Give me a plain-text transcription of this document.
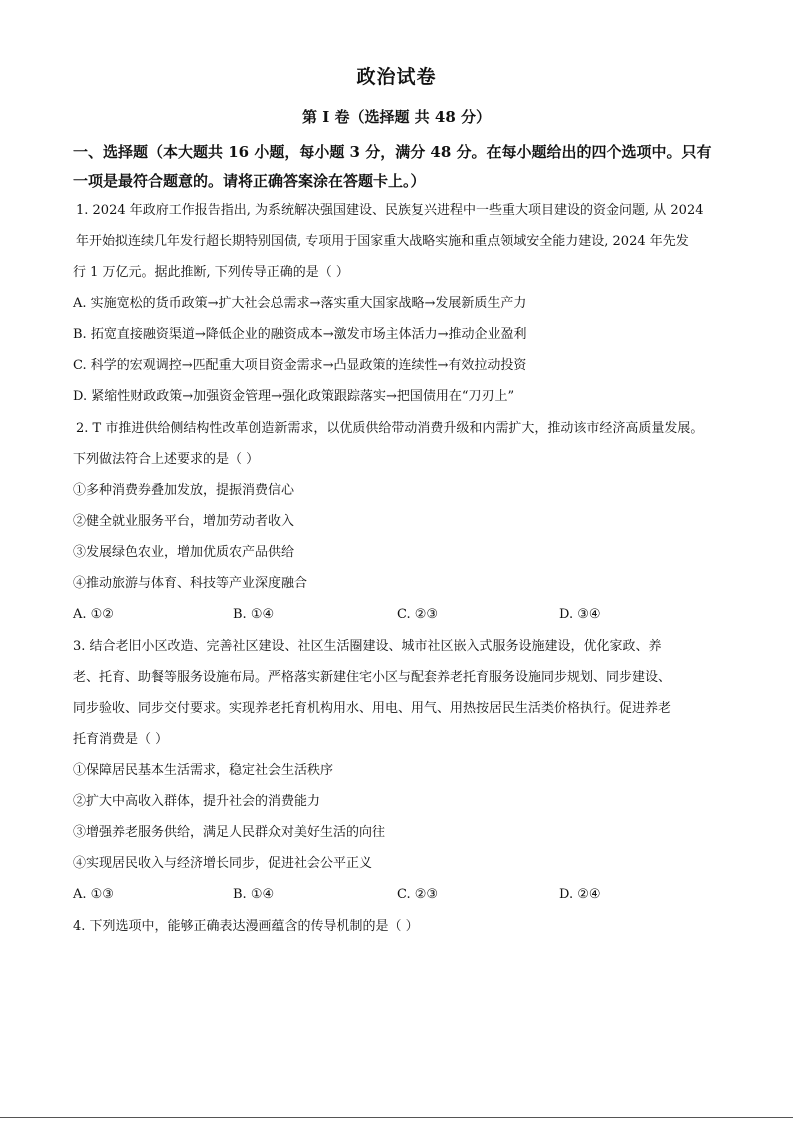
政治试卷
第 I 卷（选择题 共 48 分）
一、选择题（本大题共 16 小题，每小题 3 分，满分 48 分。在每小题给出的四个选项中。只有
一项是最符合题意的。请将正确答案涂在答题卡上。）
1. 2024 年政府工作报告指出, 为系统解决强国建设、民族复兴进程中一些重大项目建设的资金问题, 从 2024
年开始拟连续几年发行超长期特别国债, 专项用于国家重大战略实施和重点领域安全能力建设, 2024 年先发
行 1 万亿元。据此推断, 下列传导正确的是（ ）
A. 实施宽松的货币政策→扩大社会总需求→落实重大国家战略→发展新质生产力
B. 拓宽直接融资渠道→降低企业的融资成本→激发市场主体活力→推动企业盈利
C. 科学的宏观调控→匹配重大项目资金需求→凸显政策的连续性→有效拉动投资
D. 紧缩性财政政策→加强资金管理→强化政策跟踪落实→把国债用在“刀刃上”
2. T 市推进供给侧结构性改革创造新需求，以优质供给带动消费升级和内需扩大，推动该市经济高质量发展。
下列做法符合上述要求的是（ ）
①多种消费券叠加发放，提振消费信心
②健全就业服务平台，增加劳动者收入
③发展绿色农业，增加优质农产品供给
④推动旅游与体育、科技等产业深度融合
A. ①②	B. ①④	C. ②③	D. ③④
3. 结合老旧小区改造、完善社区建设、社区生活圈建设、城市社区嵌入式服务设施建设，优化家政、养
老、托育、助餐等服务设施布局。严格落实新建住宅小区与配套养老托育服务设施同步规划、同步建设、
同步验收、同步交付要求。实现养老托育机构用水、用电、用气、用热按居民生活类价格执行。促进养老
托育消费是（ ）
①保障居民基本生活需求，稳定社会生活秩序
②扩大中高收入群体，提升社会的消费能力
③增强养老服务供给，满足人民群众对美好生活的向往
④实现居民收入与经济增长同步，促进社会公平正义
A. ①③	B. ①④	C. ②③	D. ②④
4. 下列选项中，能够正确表达漫画蕴含的传导机制的是（ ）
